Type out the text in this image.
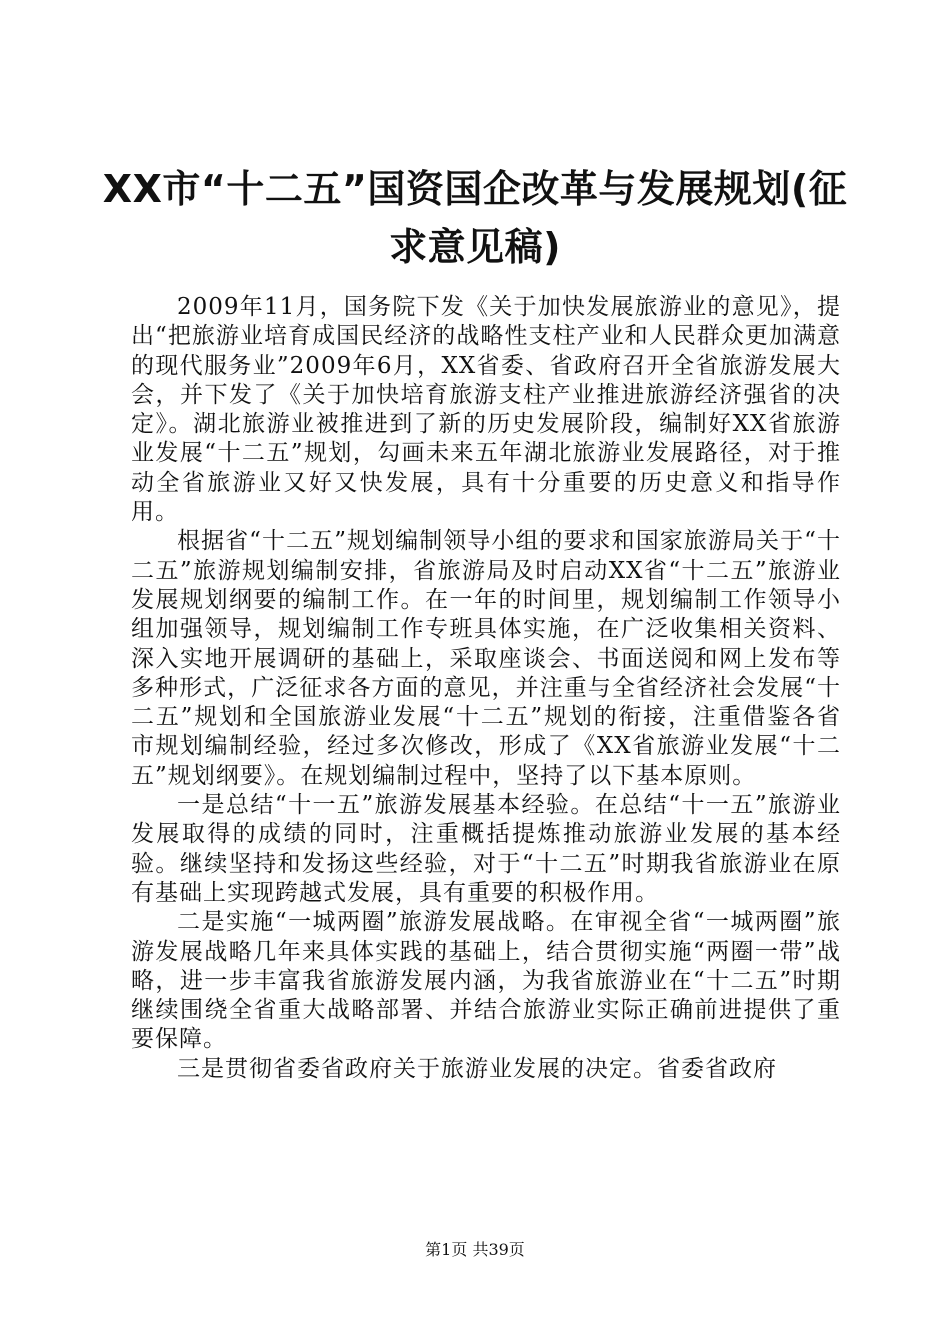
XX市“十二五”国资国企改革与发展规划(征求意见稿)

2009年11月，国务院下发《关于加快发展旅游业的意见》，提出“把旅游业培育成国民经济的战略性支柱产业和人民群众更加满意的现代服务业”2009年6月，XX省委、省政府召开全省旅游发展大会，并下发了《关于加快培育旅游支柱产业推进旅游经济强省的决定》。湖北旅游业被推进到了新的历史发展阶段，编制好XX省旅游业发展“十二五”规划，勾画未来五年湖北旅游业发展路径，对于推动全省旅游业又好又快发展，具有十分重要的历史意义和指导作用。

根据省“十二五”规划编制领导小组的要求和国家旅游局关于“十二五”旅游规划编制安排，省旅游局及时启动XX省“十二五”旅游业发展规划纲要的编制工作。在一年的时间里，规划编制工作领导小组加强领导，规划编制工作专班具体实施，在广泛收集相关资料、深入实地开展调研的基础上，采取座谈会、书面送阅和网上发布等多种形式，广泛征求各方面的意见，并注重与全省经济社会发展“十二五”规划和全国旅游业发展“十二五”规划的衔接，注重借鉴各省市规划编制经验，经过多次修改，形成了《XX省旅游业发展“十二五”规划纲要》。在规划编制过程中，坚持了以下基本原则。

一是总结“十一五”旅游发展基本经验。在总结“十一五”旅游业发展取得的成绩的同时，注重概括提炼推动旅游业发展的基本经验。继续坚持和发扬这些经验，对于“十二五”时期我省旅游业在原有基础上实现跨越式发展，具有重要的积极作用。

二是实施“一城两圈”旅游发展战略。在审视全省“一城两圈”旅游发展战略几年来具体实践的基础上，结合贯彻实施“两圈一带”战略，进一步丰富我省旅游发展内涵，为我省旅游业在“十二五”时期继续围绕全省重大战略部署、并结合旅游业实际正确前进提供了重要保障。

三是贯彻省委省政府关于旅游业发展的决定。省委省政府

第1页 共39页
